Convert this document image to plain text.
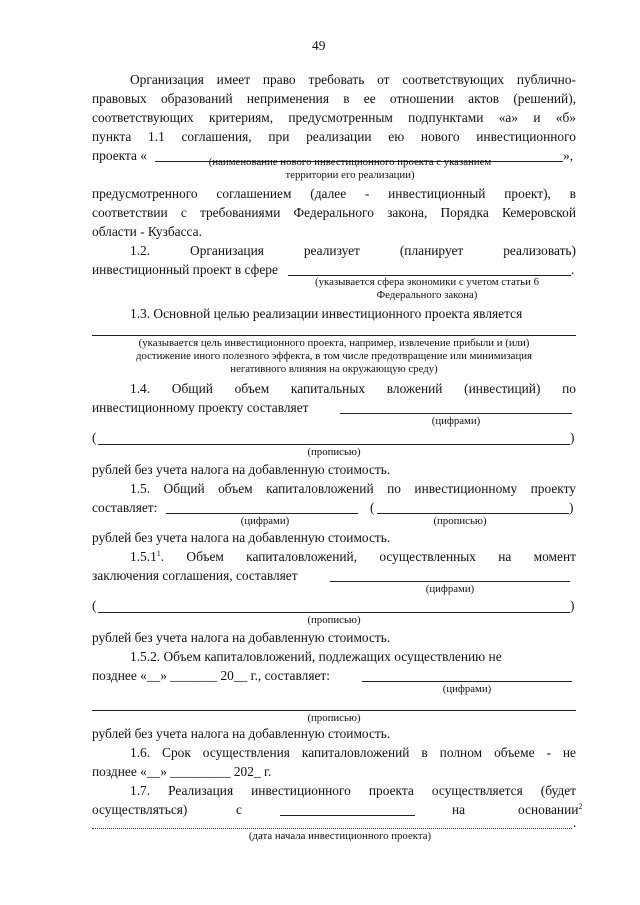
49
Организация имеет право требовать от соответствующих публично-
правовых образований неприменения в ее отношении актов (решений),
соответствующих критериям, предусмотренным подпунктами «а» и «б»
пункта 1.1 соглашения, при реализации ею нового инвестиционного
проекта «	»,
(наименование нового инвестиционного проекта с указанием
территории его реализации)
предусмотренного соглашением (далее - инвестиционный проект), в
соответствии с требованиями Федерального закона, Порядка Кемеровской
области - Кузбасса.
1.2. Организация реализует (планирует реализовать)
инвестиционный проект в сфере	.
(указывается сфера экономики с учетом статьи 6
Федерального закона)
1.3. Основной целью реализации инвестиционного проекта является
(указывается цель инвестиционного проекта, например, извлечение прибыли и (или)
достижение иного полезного эффекта, в том числе предотвращение или минимизация
негативного влияния на окружающую среду)
1.4. Общий объем капитальных вложений (инвестиций) по
инвестиционному проекту составляет
(цифрами)
(	)
(прописью)
рублей без учета налога на добавленную стоимость.
1.5. Общий объем капиталовложений по инвестиционному проекту
составляет:	(	)
(цифрами)	(прописью)
рублей без учета налога на добавленную стоимость.
1.5.1$^1$. Объем капиталовложений, осуществленных на момент
заключения соглашения, составляет
(цифрами)
(	)
(прописью)
рублей без учета налога на добавленную стоимость.
1.5.2. Объем капиталовложений, подлежащих осуществлению не
позднее «__» _______ 20__ г., составляет:
(цифрами)
(прописью)
рублей без учета налога на добавленную стоимость.
1.6. Срок осуществления капиталовложений в полном объеме - не
позднее «__» _________ 202_ г.
1.7. Реализация инвестиционного проекта осуществляется (будет
осуществляться)	с	на	основании$^2$
.
(дата начала инвестиционного проекта)
